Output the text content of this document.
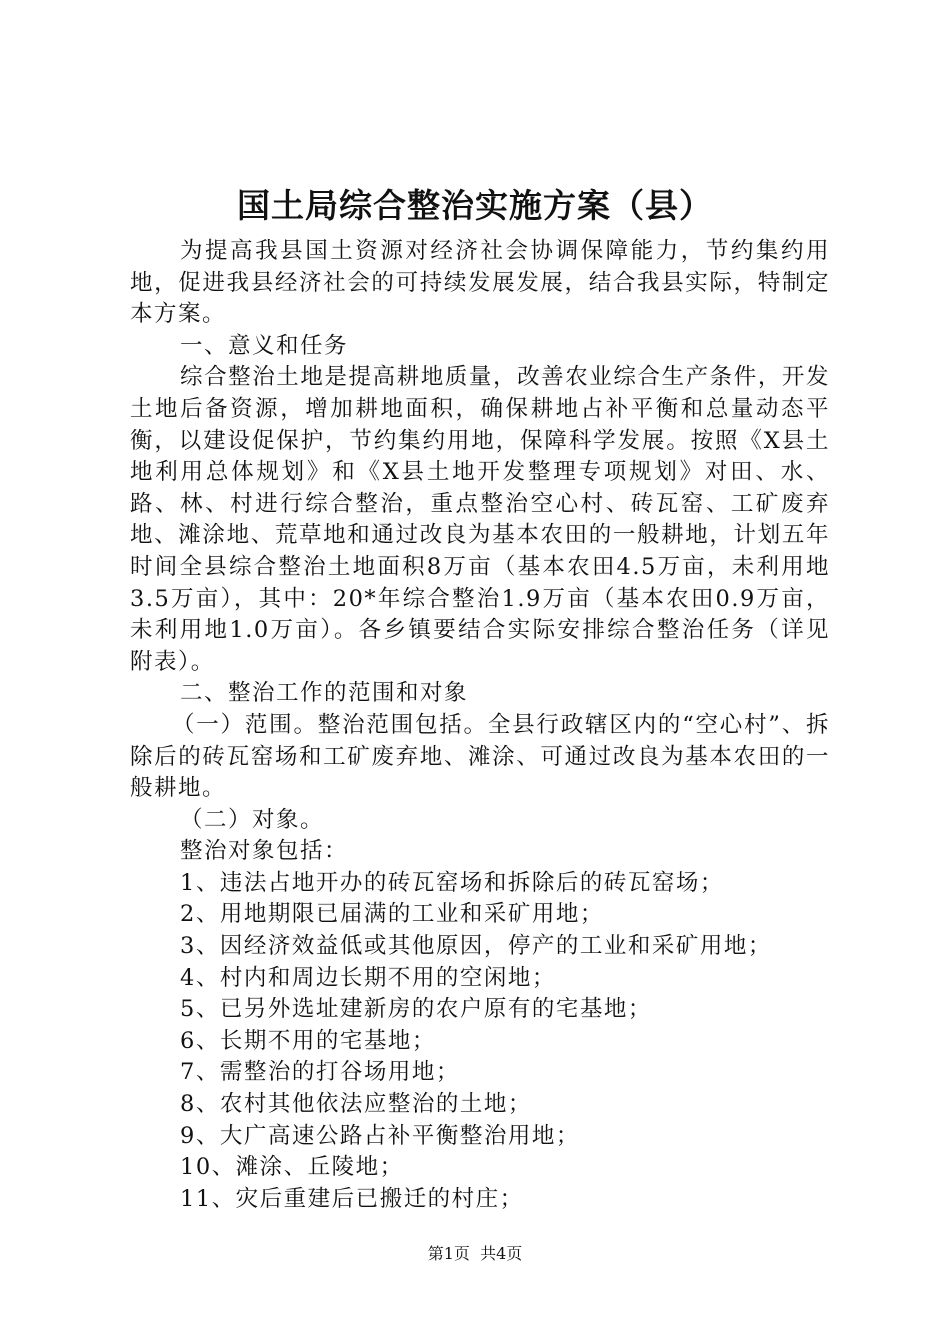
国土局综合整治实施方案（县）

为提高我县国土资源对经济社会协调保障能力，节约集约用地，促进我县经济社会的可持续发展发展，结合我县实际，特制定本方案。

一、意义和任务

综合整治土地是提高耕地质量，改善农业综合生产条件，开发土地后备资源，增加耕地面积，确保耕地占补平衡和总量动态平衡，以建设促保护，节约集约用地，保障科学发展。按照《X县土地利用总体规划》和《X县土地开发整理专项规划》对田、水、路、林、村进行综合整治，重点整治空心村、砖瓦窑、工矿废弃地、滩涂地、荒草地和通过改良为基本农田的一般耕地，计划五年时间全县综合整治土地面积8万亩（基本农田4.5万亩，未利用地3.5万亩），其中：20*年综合整治1.9万亩（基本农田0.9万亩，未利用地1.0万亩）。各乡镇要结合实际安排综合整治任务（详见附表）。

二、整治工作的范围和对象

（一）范围。整治范围包括。全县行政辖区内的“空心村”、拆除后的砖瓦窑场和工矿废弃地、滩涂、可通过改良为基本农田的一般耕地。

（二）对象。

整治对象包括：

1、违法占地开办的砖瓦窑场和拆除后的砖瓦窑场；

2、用地期限已届满的工业和采矿用地；

3、因经济效益低或其他原因，停产的工业和采矿用地；

4、村内和周边长期不用的空闲地；

5、已另外选址建新房的农户原有的宅基地；

6、长期不用的宅基地；

7、需整治的打谷场用地；

8、农村其他依法应整治的土地；

9、大广高速公路占补平衡整治用地；

10、滩涂、丘陵地；

11、灾后重建后已搬迁的村庄；

第1页  共4页
